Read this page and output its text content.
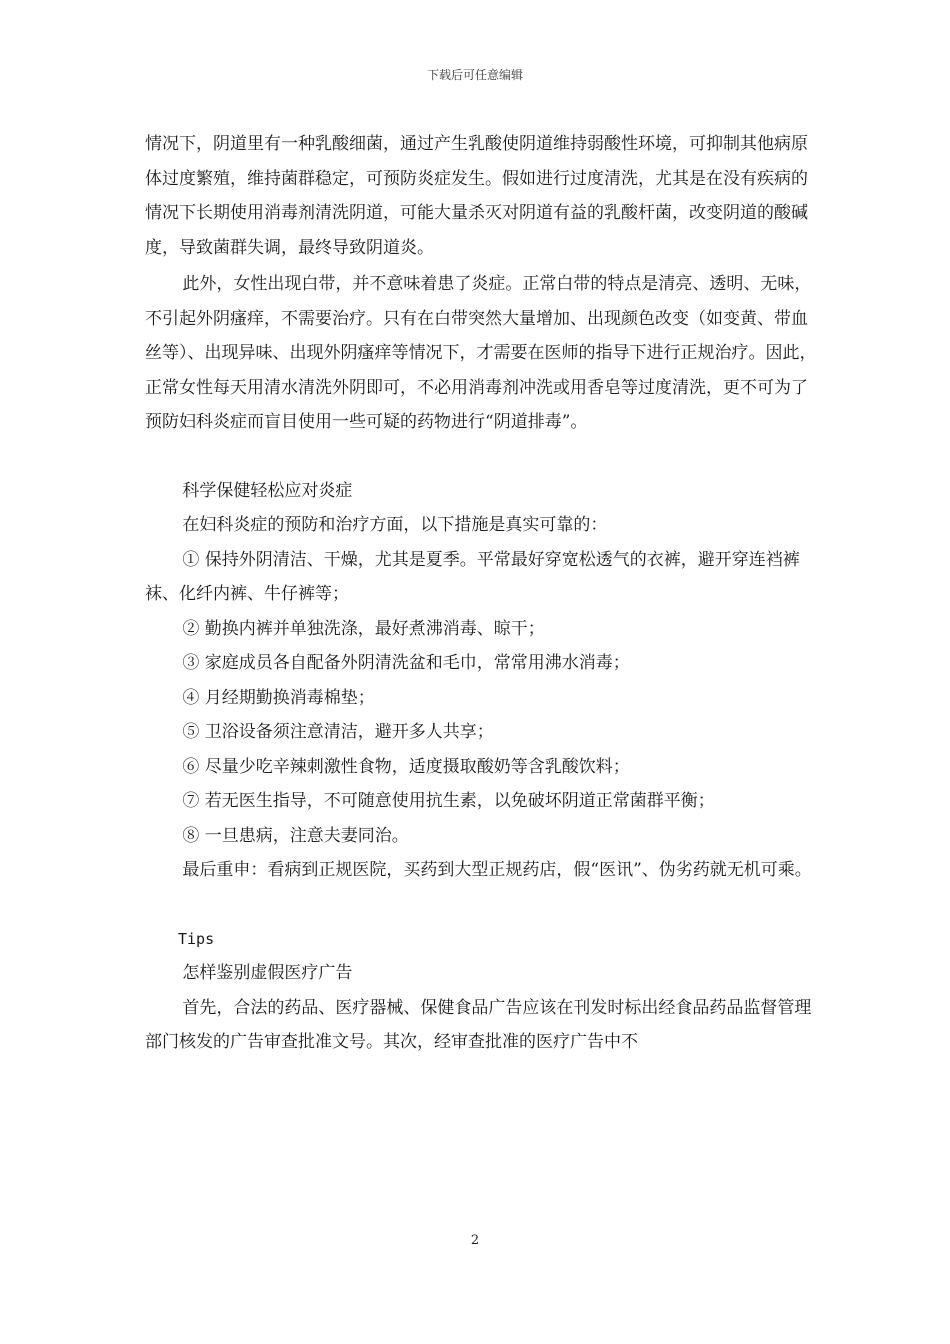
下载后可任意编辑

情况下，阴道里有一种乳酸细菌，通过产生乳酸使阴道维持弱酸性环境，可抑制其他病原体过度繁殖，维持菌群稳定，可预防炎症发生。假如进行过度清洗，尤其是在没有疾病的情况下长期使用消毒剂清洗阴道，可能大量杀灭对阴道有益的乳酸杆菌，改变阴道的酸碱度，导致菌群失调，最终导致阴道炎。

此外，女性出现白带，并不意味着患了炎症。正常白带的特点是清亮、透明、无味，不引起外阴瘙痒，不需要治疗。只有在白带突然大量增加、出现颜色改变（如变黄、带血丝等）、出现异味、出现外阴瘙痒等情况下，才需要在医师的指导下进行正规治疗。因此，正常女性每天用清水清洗外阴即可，不必用消毒剂冲洗或用香皂等过度清洗，更不可为了预防妇科炎症而盲目使用一些可疑的药物进行“阴道排毒”。

科学保健轻松应对炎症

在妇科炎症的预防和治疗方面，以下措施是真实可靠的：

① 保持外阴清洁、干燥，尤其是夏季。平常最好穿宽松透气的衣裤，避开穿连裆裤袜、化纤内裤、牛仔裤等；

② 勤换内裤并单独洗涤，最好煮沸消毒、晾干；

③ 家庭成员各自配备外阴清洗盆和毛巾，常常用沸水消毒；

④ 月经期勤换消毒棉垫；

⑤ 卫浴设备须注意清洁，避开多人共享；

⑥ 尽量少吃辛辣刺激性食物，适度摄取酸奶等含乳酸饮料；

⑦ 若无医生指导，不可随意使用抗生素，以免破坏阴道正常菌群平衡；

⑧ 一旦患病，注意夫妻同治。

最后重申：看病到正规医院，买药到大型正规药店，假“医讯”、伪劣药就无机可乘。

Tips

怎样鉴别虚假医疗广告

首先，合法的药品、医疗器械、保健食品广告应该在刊发时标出经食品药品监督管理部门核发的广告审查批准文号。其次，经审查批准的医疗广告中不

2
